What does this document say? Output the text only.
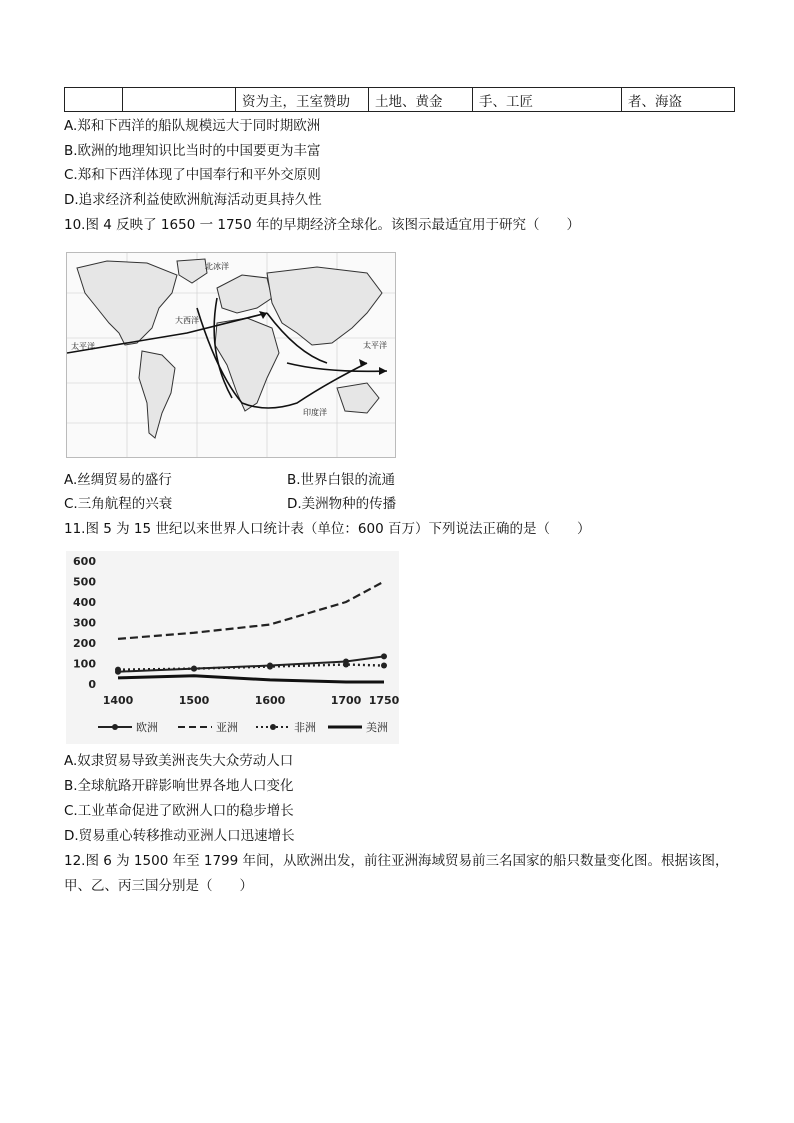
		资为主，王室赞助	土地、黄金	手、工匠	者、海盗
A.郑和下西洋的船队规模远大于同时期欧洲
B.欧洲的地理知识比当时的中国要更为丰富
C.郑和下西洋体现了中国奉行和平外交原则
D.追求经济利益使欧洲航海活动更具持久性
10.图 4 反映了 1650 一 1750 年的早期经济全球化。该图示最适宜用于研究（　　）
北冰洋
大西洋
太平洋	太平洋
印度洋
A.丝绸贸易的盛行	B.世界白银的流通
C.三角航程的兴衰	D.美洲物种的传播
11.图 5 为 15 世纪以来世界人口统计表（单位：600 百万）下列说法正确的是（　　）
0
100
200
300
400
500
600
1400	1500	1600	1700 1750
欧洲	亚洲	非洲	美洲
A.奴隶贸易导致美洲丧失大众劳动人口
B.全球航路开辟影响世界各地人口变化
C.工业革命促进了欧洲人口的稳步增长
D.贸易重心转移推动亚洲人口迅速增长
12.图 6 为 1500 年至 1799 年间，从欧洲出发，前往亚洲海域贸易前三名国家的船只数量变化图。根据该图，
甲、乙、丙三国分别是（　　）
